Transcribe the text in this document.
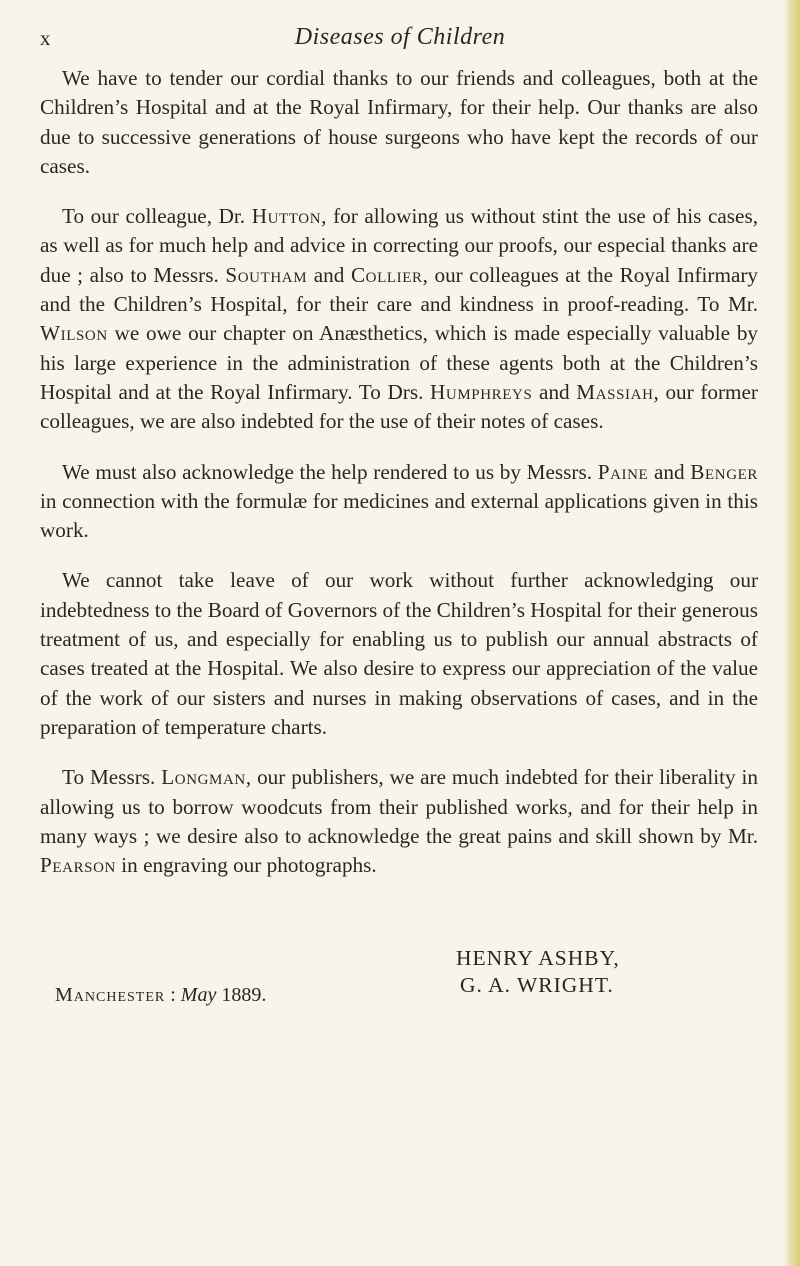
x	Diseases of Children

We have to tender our cordial thanks to our friends and colleagues, both at the Children’s Hospital and at the Royal Infirmary, for their help. Our thanks are also due to successive generations of house surgeons who have kept the records of our cases.

To our colleague, Dr. Hutton, for allowing us without stint the use of his cases, as well as for much help and advice in correcting our proofs, our especial thanks are due ; also to Messrs. Southam and Collier, our colleagues at the Royal Infirmary and the Children’s Hospital, for their care and kindness in proof-reading. To Mr. Wilson we owe our chapter on Anæsthetics, which is made especially valuable by his large experience in the administration of these agents both at the Children’s Hospital and at the Royal Infirmary. To Drs. Humphreys and Massiah, our former colleagues, we are also indebted for the use of their notes of cases.

We must also acknowledge the help rendered to us by Messrs. Paine and Benger in connection with the formulæ for medicines and external applications given in this work.

We cannot take leave of our work without further acknowledging our indebtedness to the Board of Governors of the Children’s Hospital for their generous treatment of us, and especially for enabling us to publish our annual abstracts of cases treated at the Hospital. We also desire to express our appreciation of the value of the work of our sisters and nurses in making observations of cases, and in the preparation of temperature charts.

To Messrs. Longman, our publishers, we are much indebted for their liberality in allowing us to borrow woodcuts from their published works, and for their help in many ways ; we desire also to acknowledge the great pains and skill shown by Mr. Pearson in engraving our photographs.

HENRY ASHBY,
G. A. WRIGHT.
Manchester : May 1889.
